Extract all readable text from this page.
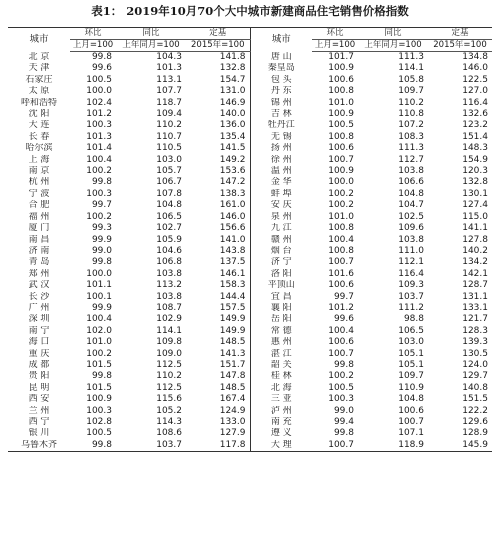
表1： 2019年10月70个大中城市新建商品住宅销售价格指数
城市	环比	同比	定基	城市	环比	同比	定基
	上月=100	上年同月=100	2015年=100		上月=100	上年同月=100	2015年=100
北 京	99.8	104.3	141.8	唐 山	101.7	111.3	134.8
天 津	99.6	101.3	132.8	秦皇岛	100.9	114.1	146.0
石家庄	100.5	113.1	154.7	包 头	100.6	105.8	122.5
太 原	100.0	107.7	131.0	丹 东	100.8	109.7	127.0
呼和浩特	102.4	118.7	146.9	锦 州	101.0	110.2	116.4
沈 阳	101.2	109.4	140.0	吉 林	100.9	110.8	132.6
大 连	100.3	110.2	136.0	牡丹江	100.5	107.2	123.2
长 春	101.3	110.7	135.4	无 锡	100.8	108.3	151.4
哈尔滨	101.4	110.5	141.5	扬 州	100.6	111.3	148.3
上 海	100.4	103.0	149.2	徐 州	100.7	112.7	154.9
南 京	100.2	105.7	153.6	温 州	100.9	103.8	120.3
杭 州	99.8	106.7	147.2	金 华	100.0	106.6	132.8
宁 波	100.3	107.8	138.3	蚌 埠	100.2	104.8	130.1
合 肥	99.7	104.8	161.0	安 庆	100.2	104.7	127.4
福 州	100.2	106.5	146.0	泉 州	101.0	102.5	115.0
厦 门	99.3	102.7	156.6	九 江	100.8	109.6	141.1
南 昌	99.9	105.9	141.0	赣 州	100.4	103.8	127.8
济 南	99.0	104.6	143.8	烟 台	100.8	111.0	140.2
青 岛	99.8	106.8	137.5	济 宁	100.7	112.1	134.2
郑 州	100.0	103.8	146.1	洛 阳	101.6	116.4	142.1
武 汉	101.1	113.2	158.3	平顶山	100.6	109.3	128.7
长 沙	100.1	103.8	144.4	宜 昌	99.7	103.7	131.1
广 州	99.9	108.7	157.5	襄 阳	101.2	111.2	133.1
深 圳	100.4	102.9	149.9	岳 阳	99.6	98.8	121.7
南 宁	102.0	114.1	149.9	常 德	100.4	106.5	128.3
海 口	101.0	109.8	148.5	惠 州	100.6	103.0	139.3
重 庆	100.2	109.0	141.3	湛 江	100.7	105.1	130.5
成 都	101.5	112.5	151.7	韶 关	99.8	105.1	124.0
贵 阳	99.8	110.2	147.8	桂 林	100.2	109.7	129.7
昆 明	101.5	112.5	148.5	北 海	100.5	110.9	140.8
西 安	100.9	115.6	167.4	三 亚	100.3	104.8	151.5
兰 州	100.3	105.2	124.9	泸 州	99.0	100.6	122.2
西 宁	102.8	114.3	133.0	南 充	99.4	100.7	129.6
银 川	100.5	108.6	127.9	遵 义	99.8	107.1	128.9
乌鲁木齐	99.8	103.7	117.8	大 理	100.7	118.9	145.9
